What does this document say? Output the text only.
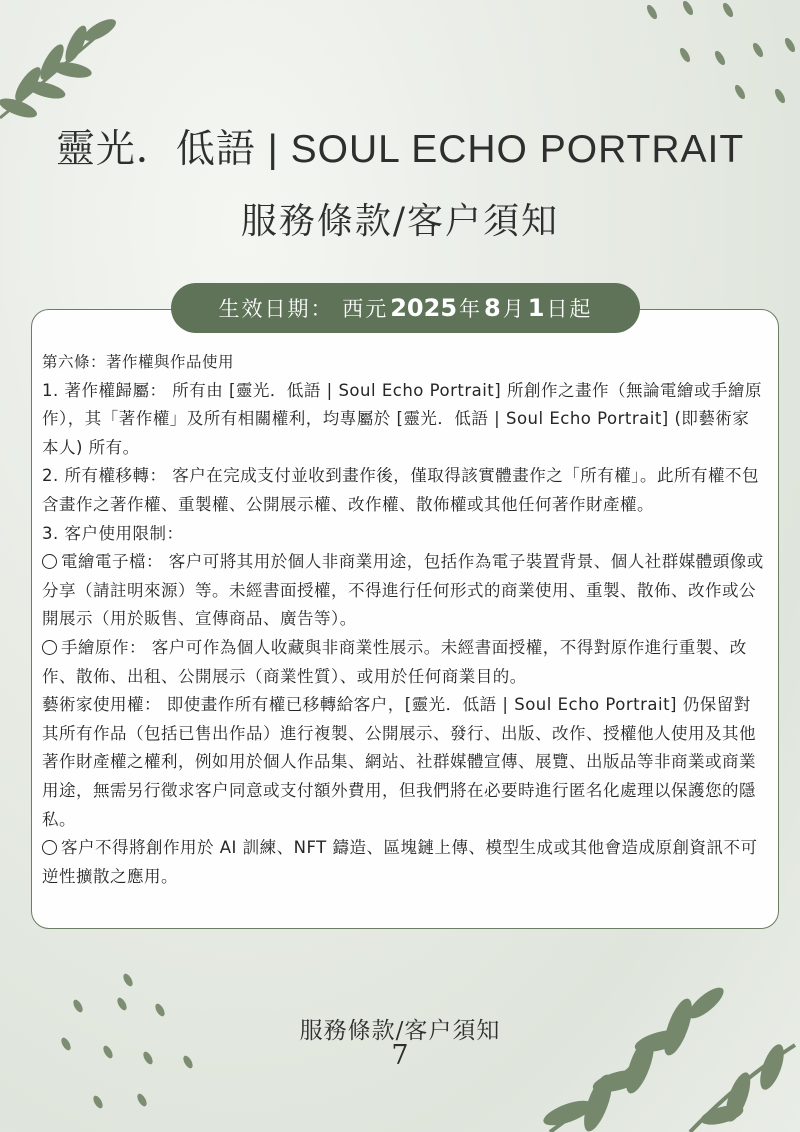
靈光．低語 | SOUL ECHO PORTRAIT
服務條款/客户須知
生效日期： 西元 2025 年 8 月 1 日起

第六條：著作權與作品使用

1. 著作權歸屬： 所有由 [靈光．低語 | Soul Echo Portrait] 所創作之畫作（無論電繪或手繪原作），其「著作權」及所有相關權利，均專屬於 [靈光．低語 | Soul Echo Portrait] (即藝術家本人) 所有。

2. 所有權移轉： 客户在完成支付並收到畫作後，僅取得該實體畫作之「所有權」。此所有權不包含畫作之著作權、重製權、公開展示權、改作權、散佈權或其他任何著作財產權。

3. 客户使用限制：

電繪電子檔： 客户可將其用於個人非商業用途，包括作為電子裝置背景、個人社群媒體頭像或分享（請註明來源）等。未經書面授權，不得進行任何形式的商業使用、重製、散佈、改作或公開展示（用於販售、宣傳商品、廣告等）。

手繪原作： 客户可作為個人收藏與非商業性展示。未經書面授權，不得對原作進行重製、改作、散佈、出租、公開展示（商業性質）、或用於任何商業目的。

藝術家使用權： 即使畫作所有權已移轉給客户，[靈光．低語 | Soul Echo Portrait] 仍保留對其所有作品（包括已售出作品）進行複製、公開展示、發行、出版、改作、授權他人使用及其他著作財產權之權利，例如用於個人作品集、網站、社群媒體宣傳、展覽、出版品等非商業或商業用途，無需另行徵求客户同意或支付額外費用，但我們將在必要時進行匿名化處理以保護您的隱私。

客户不得將創作用於 AI 訓練、NFT 鑄造、區塊鏈上傳、模型生成或其他會造成原創資訊不可逆性擴散之應用。

服務條款/客户須知
7
